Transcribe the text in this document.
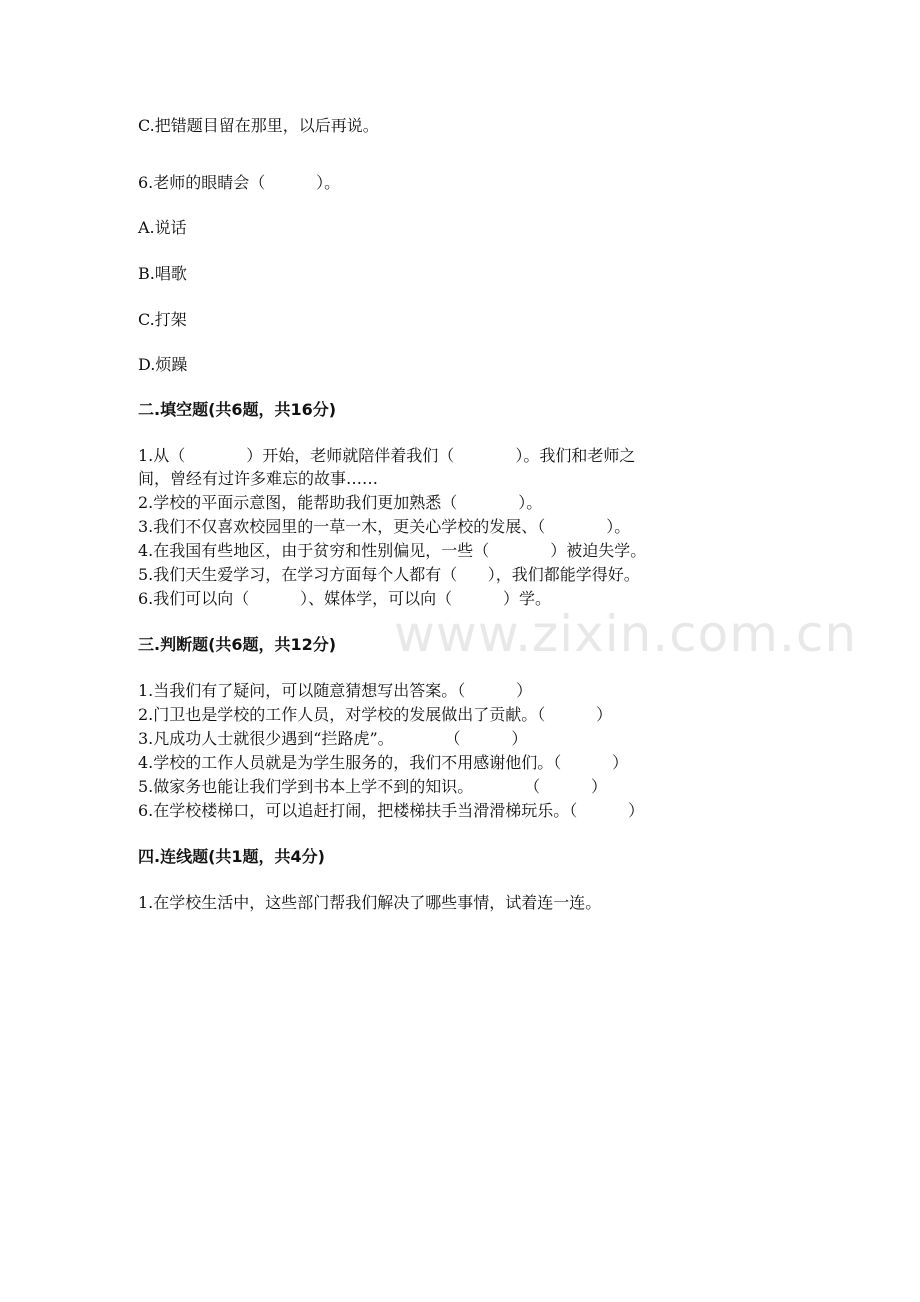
C.把错题目留在那里，以后再说。
6.老师的眼睛会（          ）。
A.说话
B.唱歌
C.打架
D.烦躁
二.填空题(共6题，共16分)
1.从（            ）开始，老师就陪伴着我们（            ）。我们和老师之
间，曾经有过许多难忘的故事……
2.学校的平面示意图，能帮助我们更加熟悉（            ）。
3.我们不仅喜欢校园里的一草一木，更关心学校的发展、（            ）。
4.在我国有些地区，由于贫穷和性别偏见，一些（            ）被迫失学。
5.我们天生爱学习，在学习方面每个人都有（      ），我们都能学得好。
6.我们可以向（          ）、媒体学，可以向（          ）学。
三.判断题(共6题，共12分)
1.当我们有了疑问，可以随意猜想写出答案。（          ）
2.门卫也是学校的工作人员，对学校的发展做出了贡献。（          ）
3.凡成功人士就很少遇到“拦路虎”。          （          ）
4.学校的工作人员就是为学生服务的，我们不用感谢他们。（          ）
5.做家务也能让我们学到书本上学不到的知识。          （          ）
6.在学校楼梯口，可以追赶打闹，把楼梯扶手当滑滑梯玩乐。（          ）
四.连线题(共1题，共4分)
1.在学校生活中，这些部门帮我们解决了哪些事情，试着连一连。
www.zixin.com.cn
